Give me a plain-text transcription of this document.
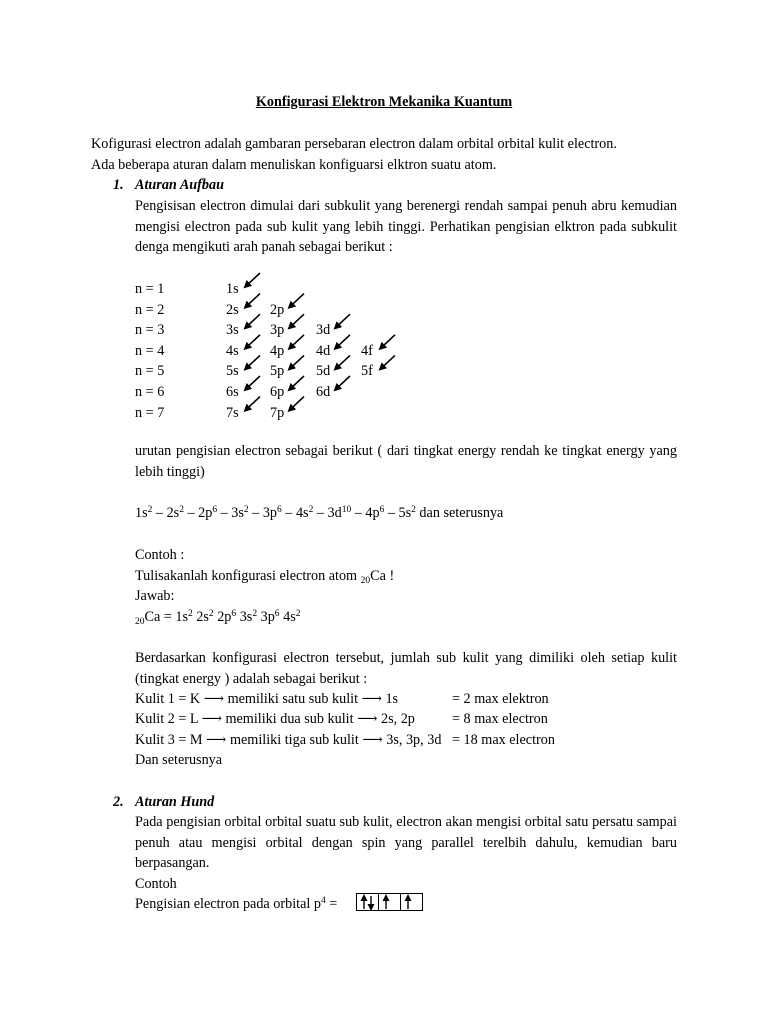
Konfigurasi Elektron Mekanika Kuantum
Kofigurasi electron adalah gambaran persebaran electron dalam orbital orbital kulit electron.
Ada beberapa aturan dalam menuliskan konfiguarsi elktron suatu atom.
1. Aturan Aufbau
Pengisisan electron dimulai dari subkulit yang berenergi rendah sampai penuh abru kemudian mengisi electron pada sub kulit yang lebih tinggi. Perhatikan pengisian elktron pada subkulit denga mengikuti arah panah sebagai berikut :
n = 1	1s
n = 2	2s 2p
n = 3	3s 3p 3d
n = 4	4s 4p 4d 4f
n = 5	5s 5p 5d 5f
n = 6	6s 6p 6d
n = 7	7s 7p
urutan pengisian electron sebagai berikut ( dari tingkat energy rendah ke tingkat energy yang lebih tinggi)
$1s^2 - 2s^2 - 2p^6 - 3s^2 - 3p^6 - 4s^2 - 3d^{10} - 4p^6 - 5s^2$ dan seterusnya
Contoh :
Tulisakanlah konfigurasi electron atom $_{20}$Ca !
Jawab:
$_{20}Ca = 1s^2$ $2s^2$ $2p^6$ $3s^2$ $3p^6$ $4s^2$
Berdasarkan konfigurasi electron tersebut, jumlah sub kulit yang dimiliki oleh setiap kulit (tingkat energy ) adalah sebagai berikut :
Kulit 1 = K ⟶ memiliki satu sub kulit ⟶ 1s	= 2 max elektron
Kulit 2 = L ⟶ memiliki dua sub kulit ⟶ 2s, 2p	= 8 max electron
Kulit 3 = M ⟶ memiliki tiga sub kulit ⟶ 3s, 3p, 3d = 18 max electron
Dan seterusnya
2. Aturan Hund
Pada pengisian orbital orbital suatu sub kulit, electron akan mengisi orbital satu persatu sampai penuh atau mengisi orbital dengan spin yang parallel terelbih dahulu, kemudian baru berpasangan.
Contoh
Pengisian electron pada orbital $p^4$ =
